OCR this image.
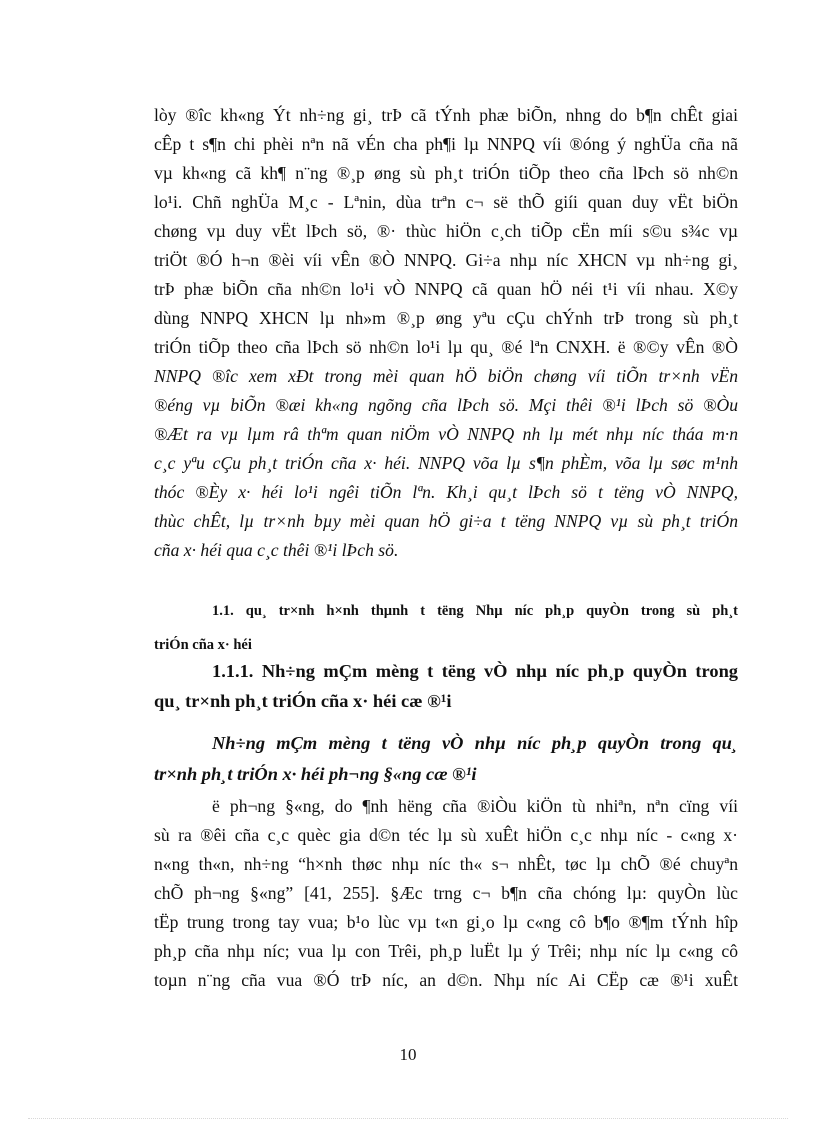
lòy ®îc kh«ng Ýt nh÷ng gi¸ trÞ cã tÝnh phæ biÕn, nhng do b¶n chÊt giai
cÊp t s¶n chi phèi nªn nã vÉn cha ph¶i lµ NNPQ víi ®óng ý nghÜa cña nã
vµ kh«ng cã kh¶ n¨ng ®¸p øng sù ph¸t triÓn tiÕp theo cña lÞch sö nh©n
lo¹i. Chñ nghÜa M¸c - Lªnin, dùa trªn c¬ së thÕ giíi quan duy vËt biÖn
chøng vµ duy vËt lÞch sö, ®· thùc hiÖn c¸ch tiÕp cËn míi s©u s¾c vµ
triÖt ®Ó h¬n ®èi víi vÊn ®Ò NNPQ. Gi÷a nhµ níc XHCN vµ nh÷ng gi¸
trÞ phæ biÕn cña nh©n lo¹i vÒ NNPQ cã quan hÖ néi t¹i víi nhau. X©y
dùng NNPQ XHCN lµ nh»m ®¸p øng yªu cÇu chÝnh trÞ trong sù ph¸t
triÓn tiÕp theo cña lÞch sö nh©n lo¹i lµ qu¸ ®é lªn CNXH. ë ®©y vÊn ®Ò
NNPQ ®îc xem xÐt trong mèi quan hÖ biÖn chøng víi tiÕn tr×nh vËn
®éng vµ biÕn ®æi kh«ng ngõng cña lÞch sö. Mçi thêi ®¹i lÞch sö ®Òu
®Æt ra vµ lµm râ thªm quan niÖm vÒ NNPQ nh lµ mét nhµ níc tháa m·n
c¸c yªu cÇu ph¸t triÓn cña x· héi. NNPQ võa lµ s¶n phÈm, võa lµ søc m¹nh
thóc ®Èy x· héi lo¹i ngêi tiÕn lªn. Kh¸i qu¸t lÞch sö t tëng vÒ NNPQ,
thùc chÊt, lµ tr×nh bµy mèi quan hÖ gi÷a t tëng NNPQ vµ sù ph¸t triÓn
cña x· héi qua c¸c thêi ®¹i lÞch sö.
1.1. qu¸ tr×nh h×nh thµnh t tëng Nhµ níc ph¸p quyÒn trong sù ph¸t
triÓn cña x· héi
1.1.1. Nh÷ng mÇm mèng t tëng vÒ nhµ níc ph¸p quyÒn trong
qu¸ tr×nh ph¸t triÓn cña x· héi cæ ®¹i
Nh÷ng mÇm mèng t tëng vÒ nhµ níc ph¸p quyÒn trong qu¸
tr×nh ph¸t triÓn x· héi ph¬ng §«ng cæ ®¹i
ë ph¬ng §«ng, do ¶nh hëng cña ®iÒu kiÖn tù nhiªn, nªn cïng víi
sù ra ®êi cña c¸c quèc gia d©n téc lµ sù xuÊt hiÖn c¸c nhµ níc - c«ng x·
n«ng th«n, nh÷ng “h×nh thøc nhµ níc th« s¬ nhÊt, tøc lµ chÕ ®é chuyªn
chÕ ph¬ng §«ng” [41, 255]. §Æc trng c¬ b¶n cña chóng lµ: quyÒn lùc
tËp trung trong tay vua; b¹o lùc vµ t«n gi¸o lµ c«ng cô b¶o ®¶m tÝnh hîp
ph¸p cña nhµ níc; vua lµ con Trêi, ph¸p luËt lµ ý Trêi; nhµ níc lµ c«ng cô
toµn n¨ng cña vua ®Ó trÞ níc, an d©n. Nhµ níc Ai CËp cæ ®¹i xuÊt
10
